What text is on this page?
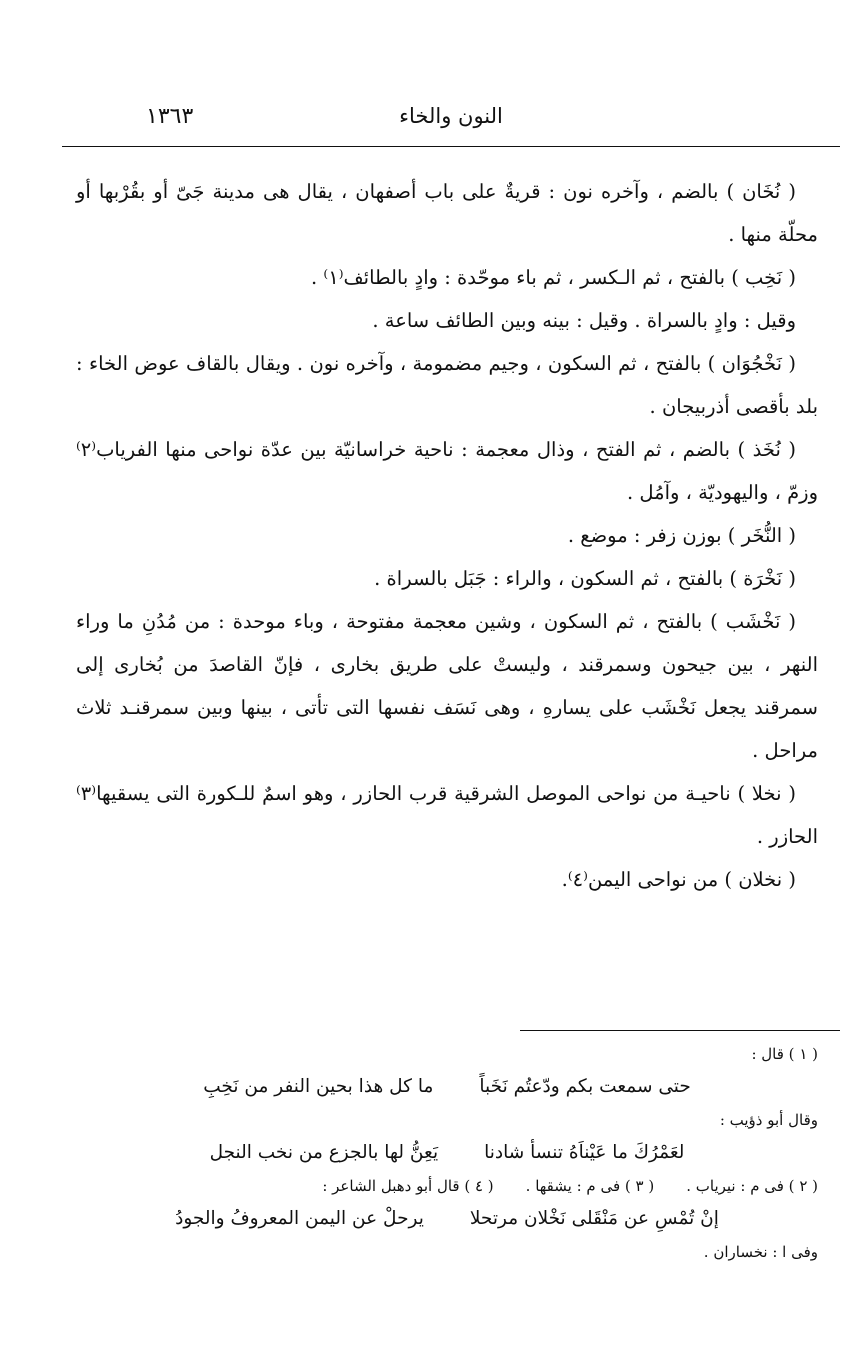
النون والخاء
١٣٦٣

( نُخَان ) بالضم ، وآخره نون : قريةٌ على باب أصفهان ، يقال هى مدينة جَىّ أو بقُرْبها أو محلّة منها .

( نَخِب ) بالفتح ، ثم الـكسر ، ثم باء موحّدة : وادٍ بالطائف⁽١⁾ .

وقيل : وادٍ بالسراة . وقيل : بينه وبين الطائف ساعة .

( نَخْجُوَان ) بالفتح ، ثم السكون ، وجيم مضمومة ، وآخره نون . ويقال بالقاف عوض الخاء : بلد بأقصى أذربيجان .

( نُخَذ ) بالضم ، ثم الفتح ، وذال معجمة : ناحية خراسانيّة بين عدّة نواحى منها الفرياب⁽٢⁾ وزمّ ، واليهوديّة ، وآمُل .

( النُّخَر ) بوزن زفر : موضع .

( نَخْرَة ) بالفتح ، ثم السكون ، والراء : جَبَل بالسراة .

( نَخْشَب ) بالفتح ، ثم السكون ، وشين معجمة مفتوحة ، وباء موحدة : من مُدُنِ ما وراء النهر ، بين جيحون وسمرقند ، وليستْ على طريق بخارى ، فإنّ القاصدَ من بُخارى إلى سمرقند يجعل نَخْشَب على يسارهِ ، وهى نَسَف نفسها التى تأتى ، بينها وبين سمرقنـد ثلاث مراحل .

( نخلا ) ناحيـة من نواحى الموصل الشرقية قرب الحازر ، وهو اسمٌ للـكورة التى يسقيها⁽٣⁾ الحازر .

( نخلان ) من نواحى اليمن⁽٤⁾.

( ١ ) قال :

حتى سمعت بكم ودّعتُم نَخَباً
ما كل هذا بحين النفر من نَخِبِ

وقال أبو ذؤيب :

لعَمْرُكَ ما عَيْناَهُ تنسأ شادنا
يَعِنُّ لها بالجزع من نخب النجل
( ٢ ) فى م : نيرياب .
( ٣ ) فى م : يشقها .
( ٤ ) قال أبو دهبل الشاعر :
إنْ تُمْسِ عن مَنْقَلى نَخْلان مرتحلا
يرحلْ عن اليمن المعروفُ والجودُ

وفى ا : نخساران .
